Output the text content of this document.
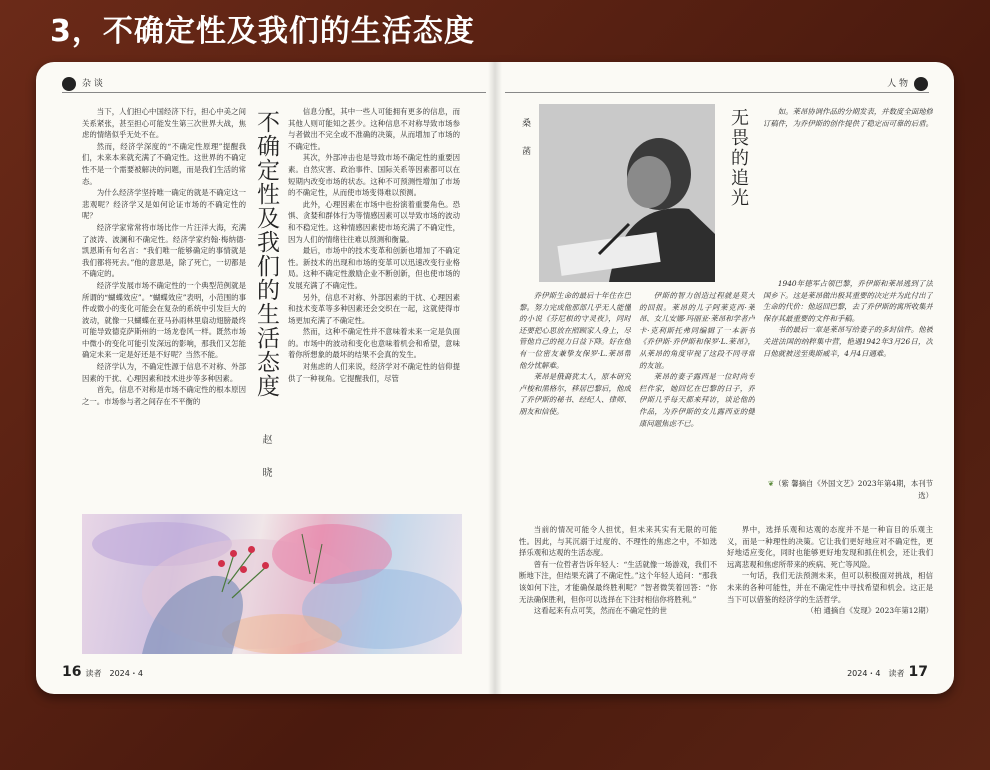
3，不确定性及我们的生活态度
杂 谈

当下，人们担心中国经济下行，担心中美之间关系紧张，甚至担心可能发生第三次世界大战，焦虑的情绪似乎无处不在。

然而，经济学深度的“不确定性原理”提醒我们，未来本来就充满了不确定性。这世界的不确定性不是一个需要被解决的问题，而是我们生活的常态。

为什么经济学坚持唯一确定的就是不确定这一悲观呢？经济学又是如何论证市场的不确定性的呢？

经济学家常常将市场比作一片汪洋大海，充满了波涛、波澜和不确定性。经济学家约翰·梅纳德·凯恩斯有句名言：“我们唯一能够确定的事情就是我们都将死去。”他的意思是，除了死亡，一切都是不确定的。

经济学发展市场不确定性的一个典型范例就是所谓的“蝴蝶效应”。“蝴蝶效应”表明，小范围的事件或微小的变化可能会在复杂的系统中引发巨大的波动，就像一只蝴蝶在亚马孙雨林里扇动翅膀最终可能导致德克萨斯州的一场龙卷风一样。既然市场中微小的变化可能引发深远的影响，那我们又怎能确定未来一定是好还是不好呢？当然不能。

经济学认为，不确定性源于信息不对称、外部因素的干扰、心理因素和技术进步等多种因素。

首先，信息不对称是市场不确定性的根本原因之一。市场参与者之间存在不平衡的

不确定性及我们的生活态度
赵 晓

信息分配，其中一些人可能拥有更多的信息，而其他人则可能知之甚少。这种信息不对称导致市场参与者做出不完全或不准确的决策，从而增加了市场的不确定性。

其次，外部冲击也是导致市场不确定性的重要因素。自然灾害、政治事件、国际关系等因素都可以在短期内改变市场的状态。这种不可预测性增加了市场的不确定性，从而使市场变得难以预测。

此外，心理因素在市场中也扮演着重要角色。恐惧、贪婪和群体行为等情感因素可以导致市场的波动和不稳定性。这种情感因素使市场充满了不确定性，因为人们的情绪往往难以预测和衡量。

最后，市场中的技术变革和创新也增加了不确定性。新技术的出现和市场的变革可以迅速改变行业格局。这种不确定性激励企业不断创新，但也使市场的发展充满了不确定性。

另外，信息不对称、外部因素的干扰、心理因素和技术变革等多种因素还会交织在一起，这就使得市场更加充满了不确定性。

然而，这种不确定性并不意味着未来一定是负面的。市场中的波动和变化也意味着机会和希望，意味着你所想象的最坏的结果不会真的发生。

对焦虑的人们来说，经济学对不确定性的信仰提供了一种视角。它提醒我们，尽管

16 读者 2024・4
人 物
桑 菡	无畏的追光	如。莱昂协调作品的分期发表，并数度全面地修订稿件，为乔伊斯的创作提供了稳定而可靠的后盾。

乔伊斯生命的最后十年住在巴黎。努力完成他那部几乎无人能懂的小说《芬尼根的守灵夜》，同时还要把心思放在照顾家人身上，尽管他自己的视力日益下降。好在他有一位密友兼挚友保罗·L.莱昂帮他分忧解难。

莱昂是俄裔犹太人，原本研究卢梭和黑格尔，移居巴黎后，他成了乔伊斯的秘书、经纪人、律师、朋友和信使。

伊斯的智力创造过程就是莫大的回报。莱昂的儿子阿莱克西·莱昂、女儿安娜·玛丽亚·莱昂和学者卢卡·克利斯托弗同编辑了一本新书《乔伊斯·乔伊斯和保罗·L.莱昂》，从莱昂的角度审视了这段不同寻常的友谊。

莱昂的妻子露西是一位时尚专栏作家，她回忆在巴黎的日子，乔伊斯几乎每天都来拜访，谈论他的作品，为乔伊斯的女儿露西亚的健康问题焦虑不已。

1940年德军占领巴黎，乔伊斯和莱昂逃到了法国乡下。这是莱昂做出极其重要的决定并为此付出了生命的代价：他返回巴黎，去了乔伊斯的寓所收集并保存其最重要的文件和手稿。

书的最后一章是莱昂写给妻子的多封信件。他被关进法国的纳粹集中营，艳遇1942年3月26日，次日他就被送至奥斯威辛，4月4日遇难。

❦（紫 馨摘自《外国文艺》2023年第4期，本刊节选）

当前的情况可能令人担忧，但未来其实有无限的可能性。因此，与其沉溺于过度的、不理性的焦虑之中，不如选择乐观和达观的生活态度。

曾有一位哲者告诉年轻人：“生活就像一场游戏，我们不断地下注，但结果充满了不确定性。”这个年轻人追问：“那我该如何下注，才能确保最终胜利呢？”智者微笑着回答：“你无法确保胜利，但你可以选择在下注时相信你将胜利。”

这看起来有点可笑，然而在不确定性的世

界中，选择乐观和达观的态度并不是一种盲目的乐观主义，而是一种理性的决策。它让我们更好地应对不确定性，更好地适应变化，同时也能够更好地发现和抓住机会，还让我们远离悲观和焦虑所带来的疾病、死亡等风险。

一句话，我们无法预测未来，但可以积极面对挑战，相信未来的各种可能性，并在不确定性中寻找希望和机会。这正是当下可以借鉴的经济学的生活哲学。

（柏 通摘自《发现》2023年第12期）
2024・4 读者 17
